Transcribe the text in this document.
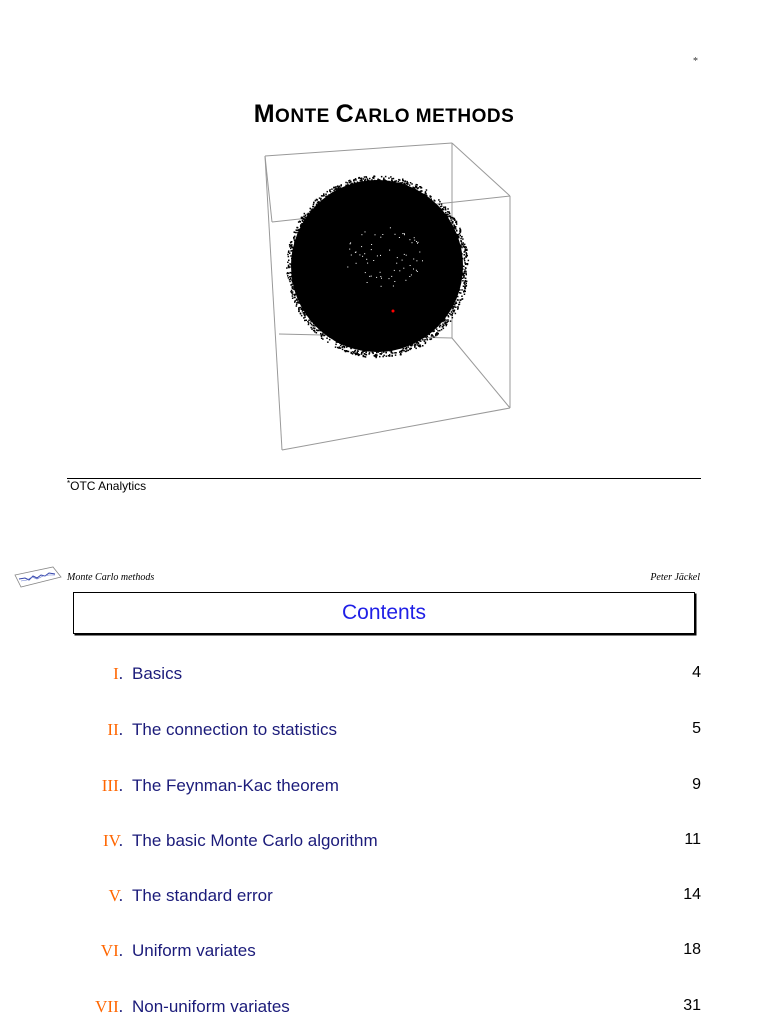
*
MONTE CARLO METHODS
*OTC Analytics
Monte Carlo methods	Peter Jäckel
Contents
I. Basics	4
II. The connection to statistics	5
III. The Feynman-Kac theorem	9
IV. The basic Monte Carlo algorithm	11
V. The standard error	14
VI. Uniform variates	18
VII. Non-uniform variates	31
